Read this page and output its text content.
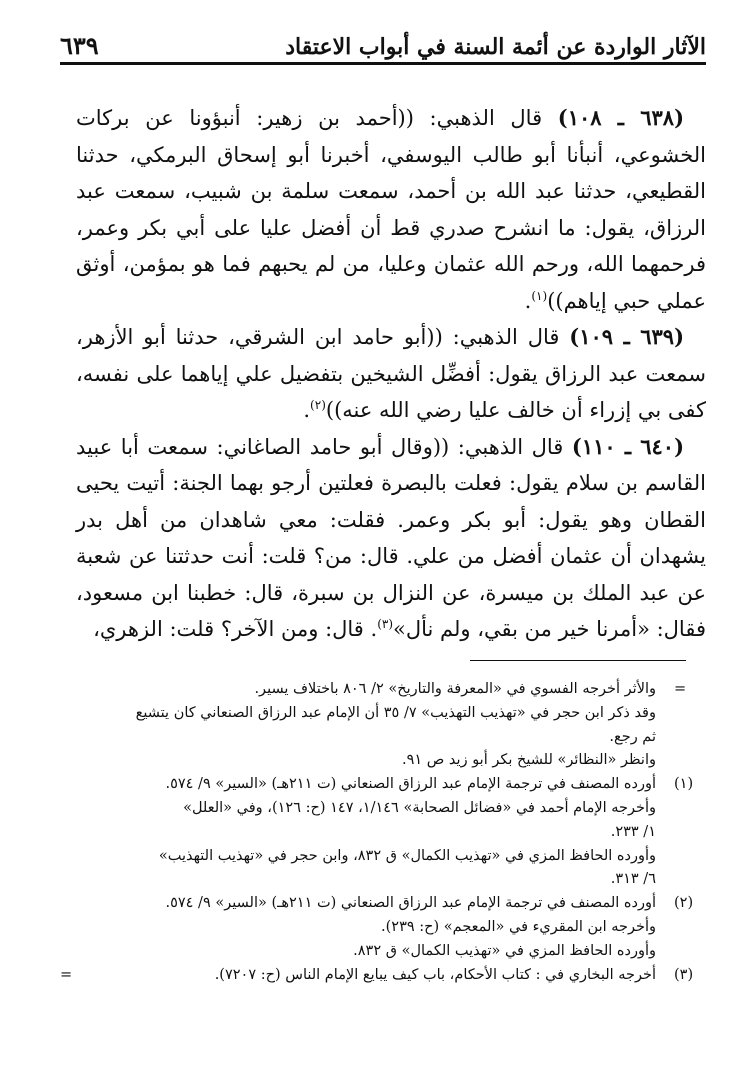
٦٣٩	الآثار الواردة عن أئمة السنة في أبواب الاعتقاد

(٦٣٨ ـ ١٠٨) قال الذهبي: ((أحمد بن زهير: أنبؤونا عن بركات الخشوعي، أنبأنا أبو طالب اليوسفي، أخبرنا أبو إسحاق البرمكي، حدثنا القطيعي، حدثنا عبد الله بن أحمد، سمعت سلمة بن شبيب، سمعت عبد الرزاق، يقول: ما انشرح صدري قط أن أفضل عليا على أبي بكر وعمر، فرحمهما الله، ورحم الله عثمان وعليا، من لم يحبهم فما هو بمؤمن، أوثق عملي حبي إياهم))$^{(١)}$.

(٦٣٩ ـ ١٠٩) قال الذهبي: ((أبو حامد ابن الشرقي، حدثنا أبو الأزهر، سمعت عبد الرزاق يقول: أفضِّل الشيخين بتفضيل علي إياهما على نفسه، كفى بي إزراء أن خالف عليا رضي الله عنه))$^{(٢)}$.

(٦٤٠ ـ ١١٠) قال الذهبي: ((وقال أبو حامد الصاغاني: سمعت أبا عبيد القاسم بن سلام يقول: فعلت بالبصرة فعلتين أرجو بهما الجنة: أتيت يحيى القطان وهو يقول: أبو بكر وعمر. فقلت: معي شاهدان من أهل بدر يشهدان أن عثمان أفضل من علي. قال: من؟ قلت: أنت حدثتنا عن شعبة عن عبد الملك بن ميسرة، عن النزال بن سبرة، قال: خطبنا ابن مسعود، فقال: «أمرنا خير من بقي، ولم نأل»$^{(٣)}$. قال: ومن الآخر؟ قلت: الزهري،

=
والأثر أخرجه الفسوي في «المعرفة والتاريخ» ٢/ ٨٠٦ باختلاف يسير.
وقد ذكر ابن حجر في «تهذيب التهذيب» ٧/ ٣٥ أن الإمام عبد الرزاق الصنعاني كان يتشيع
ثم رجع.
وانظر «النظائر» للشيخ بكر أبو زيد ص ٩١.
(١)
أورده المصنف في ترجمة الإمام عبد الرزاق الصنعاني (ت ٢١١هـ) «السير» ٩/ ٥٧٤.
وأخرجه الإمام أحمد في «فضائل الصحابة» ١/١٤٦، ١٤٧ (ح: ١٢٦)، وفي «العلل»
١/ ٢٣٣.
وأورده الحافظ المزي في «تهذيب الكمال» ق ٨٣٢، وابن حجر في «تهذيب التهذيب»
٦/ ٣١٣.
(٢)
أورده المصنف في ترجمة الإمام عبد الرزاق الصنعاني (ت ٢١١هـ) «السير» ٩/ ٥٧٤.
وأخرجه ابن المقريء في «المعجم» (ح: ٢٣٩).
وأورده الحافظ المزي في «تهذيب الكمال» ق ٨٣٢.
(٣)
أخرجه البخاري في : كتاب الأحكام، باب كيف يبايع الإمام الناس (ح: ٧٢٠٧).
=
